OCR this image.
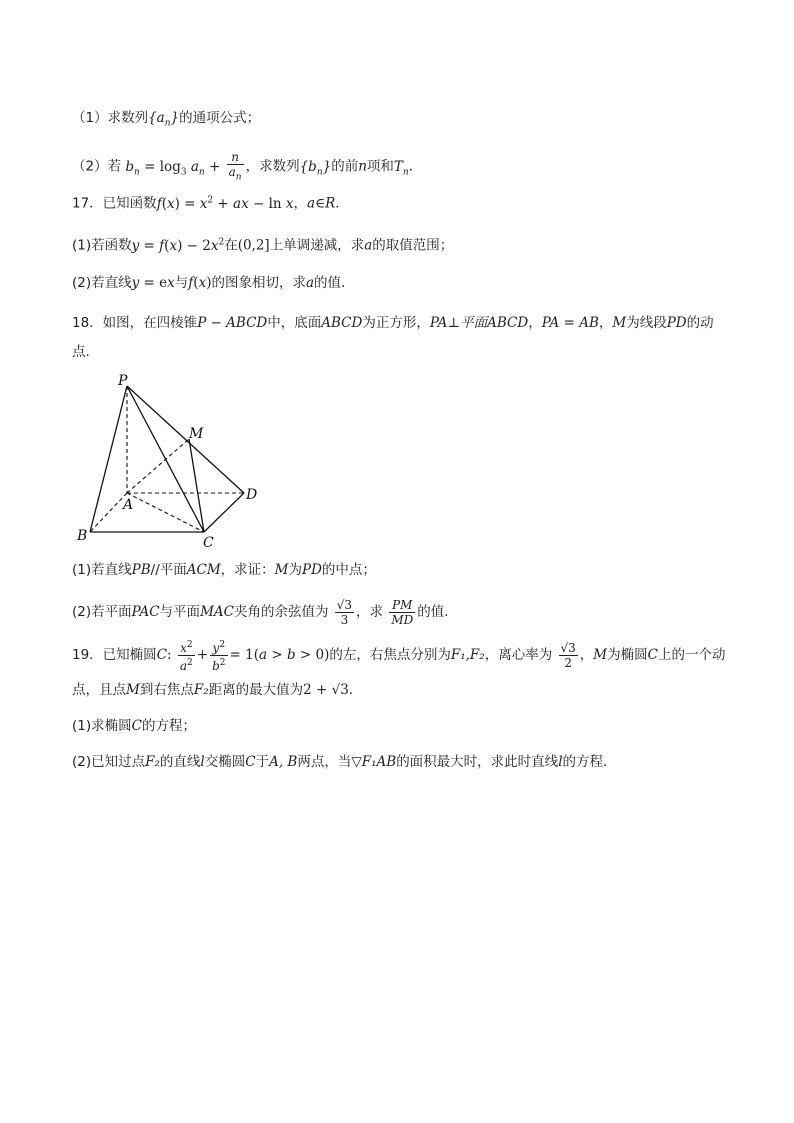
（1）求数列$\{a_n\}$的通项公式；
（2）若 $b_n = \log_3 a_n + \frac{n}{a_n}$ ，求数列$\{b_n\}$的前n项和$T_n$．
17．已知函数$f(x) = x^2$ + ax − ln x，a∈R．
(1)若函数$y = f(x) - 2x^2$在(0,2]上单调递减，求a的取值范围；
(2)若直线y = ex与f(x)的图象相切，求a的值．
18．如图，在四棱锥P − ABCD中，底面ABCD为正方形，PA⊥平面ABCD，PA = AB，M为线段PD的动
点.
P
M
A
D
B	C
(1)若直线PB//平面ACM，求证：M为PD的中点；
(2)若平面PAC与平面MAC夹角的余弦值为 $\frac{√3}{3}$ ，求 $\frac{PM}{MD}$ 的值.
19．已知椭圆C: $\frac{x^2}{a^2} + \frac{y^2}{b^2} = 1(a > b > 0)$的左，右焦点分别为F₁,F₂，离心率为 $\frac{√3}{2}$ ，M为椭圆C上的一个动
点，且点M到右焦点F₂距离的最大值为2 + √3.
(1)求椭圆C的方程；
(2)已知过点F₂的直线l交椭圆C于A, B两点，当▽F₁AB的面积最大时，求此时直线l的方程．
